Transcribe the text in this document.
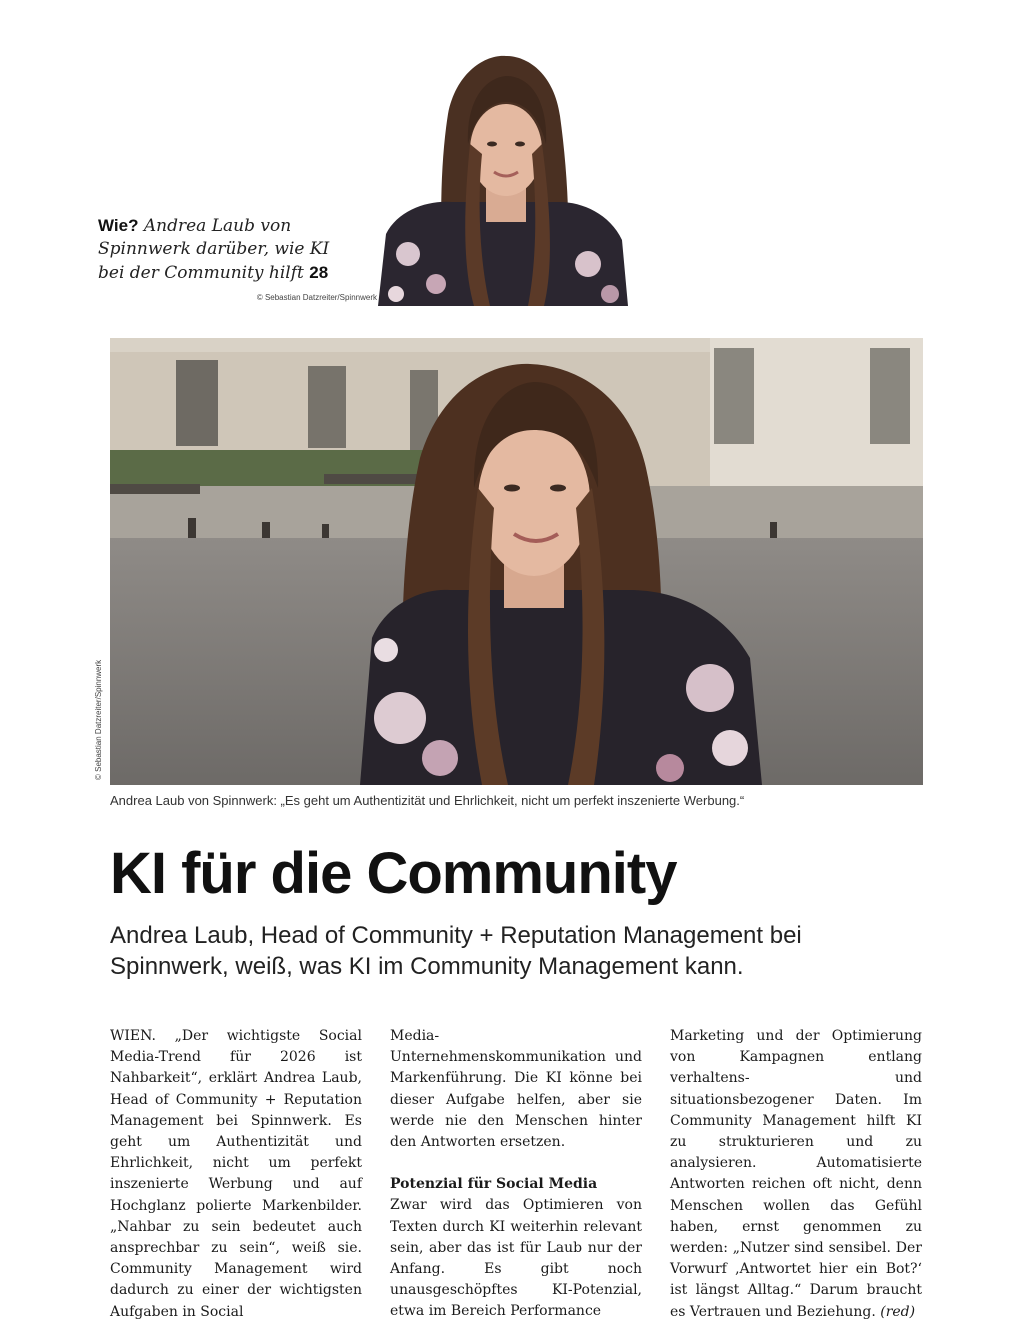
Wie? Andrea Laub von Spinnwerk darüber, wie KI bei der Community hilft 28
© Sebastian Datzreiter/Spinnwerk
© Sebastian Datzreiter/Spinnwerk
Andrea Laub von Spinnwerk: „Es geht um Authentizität und Ehrlichkeit, nicht um perfekt inszenierte Werbung.“
KI für die Community

Andrea Laub, Head of Community + Reputation Management bei Spinnwerk, weiß, was KI im Community Management kann.

WIEN. „Der wichtigste Social Media-Trend für 2026 ist Nahbarkeit“, erklärt Andrea Laub, Head of Community + Reputation Management bei Spinnwerk. Es geht um Authentizität und Ehrlichkeit, nicht um perfekt inszenierte Werbung und auf Hochglanz polierte Markenbilder. „Nahbar zu sein bedeutet auch ansprechbar zu sein“, weiß sie. Community Management wird dadurch zu einer der wichtigsten Aufgaben in Social

Media-Unternehmenskommunikation und Markenführung. Die KI könne bei dieser Aufgabe helfen, aber sie werde nie den Menschen hinter den Antworten ersetzen.

Potenzial für Social Media

Zwar wird das Optimieren von Texten durch KI weiterhin relevant sein, aber das ist für Laub nur der Anfang. Es gibt noch unausgeschöpftes KI-Potenzial, etwa im Bereich Performance

Marketing und der Optimierung von Kampagnen entlang verhaltens- und situationsbezogener Daten. Im Community Management hilft KI zu strukturieren und zu analysieren. Automatisierte Antworten reichen oft nicht, denn Menschen wollen das Gefühl haben, ernst genommen zu werden: „Nutzer sind sensibel. Der Vorwurf ‚Antwortet hier ein Bot?‘ ist längst Alltag.“ Darum braucht es Vertrauen und Beziehung. (red)
